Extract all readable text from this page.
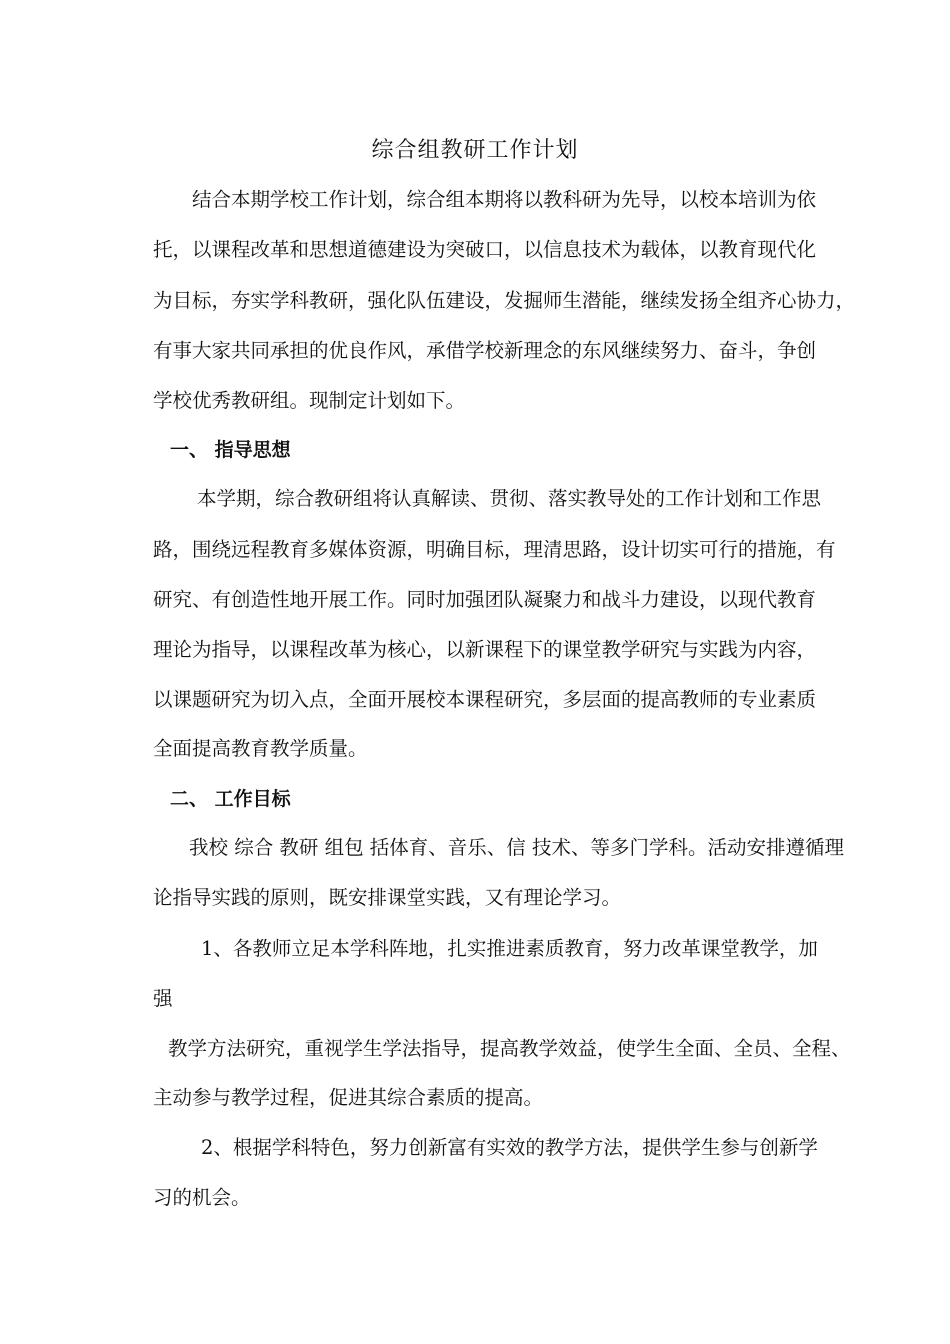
综合组教研工作计划
结合本期学校工作计划，综合组本期将以教科研为先导，以校本培训为依
托，以课程改革和思想道德建设为突破口，以信息技术为载体，以教育现代化
为目标，夯实学科教研，强化队伍建设，发掘师生潜能，继续发扬全组齐心协力，
有事大家共同承担的优良作风，承借学校新理念的东风继续努力、奋斗，争创
学校优秀教研组。现制定计划如下。
一、 指导思想
本学期，综合教研组将认真解读、贯彻、落实教导处的工作计划和工作思
路，围绕远程教育多媒体资源，明确目标，理清思路，设计切实可行的措施，有
研究、有创造性地开展工作。同时加强团队凝聚力和战斗力建设，以现代教育
理论为指导，以课程改革为核心，以新课程下的课堂教学研究与实践为内容，
以课题研究为切入点，全面开展校本课程研究，多层面的提高教师的专业素质
全面提高教育教学质量。
二、 工作目标
我校 综合 教研 组包 括体育、音乐、信 技术、等多门学科。活动安排遵循理
论指导实践的原则，既安排课堂实践，又有理论学习。
1、各教师立足本学科阵地，扎实推进素质教育，努力改革课堂教学，加
强
教学方法研究，重视学生学法指导，提高教学效益，使学生全面、全员、全程、
主动参与教学过程，促进其综合素质的提高。
2、根据学科特色，努力创新富有实效的教学方法，提供学生参与创新学
习的机会。
